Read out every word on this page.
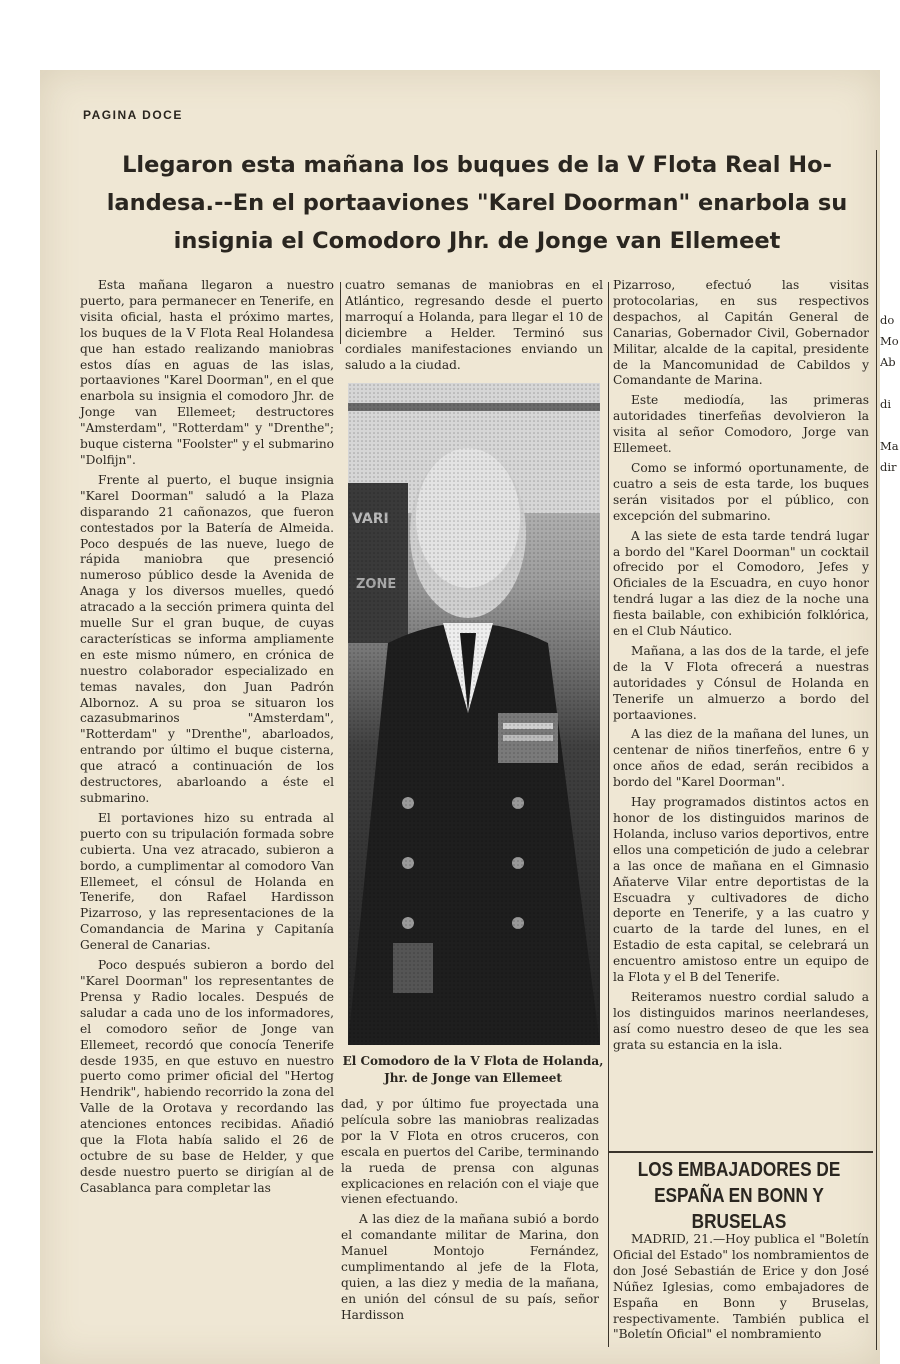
PAGINA DOCE
Llegaron esta mañana los buques de la V Flota Real Ho-landesa.--En el portaaviones "Karel Doorman" enarbola su insignia el Comodoro Jhr. de Jonge van Ellemeet

Esta mañana llegaron a nuestro puerto, para permanecer en Tenerife, en visita oficial, hasta el próximo martes, los buques de la V Flota Real Holandesa que han estado realizando maniobras estos días en aguas de las islas, portaaviones "Karel Doorman", en el que enarbola su insignia el comodoro Jhr. de Jonge van Ellemeet; destructores "Amsterdam", "Rotterdam" y "Drenthe"; buque cisterna "Foolster" y el submarino "Dolfijn".

Frente al puerto, el buque insignia "Karel Doorman" saludó a la Plaza disparando 21 cañonazos, que fueron contestados por la Batería de Almeida. Poco después de las nueve, luego de rápida maniobra que presenció numeroso público desde la Avenida de Anaga y los diversos muelles, quedó atracado a la sección primera quinta del muelle Sur el gran buque, de cuyas características se informa ampliamente en este mismo número, en crónica de nuestro colaborador especializado en temas navales, don Juan Padrón Albornoz. A su proa se situaron los cazasubmarinos "Amsterdam", "Rotterdam" y "Drenthe", abarloados, entrando por último el buque cisterna, que atracó a continuación de los destructores, abarloando a éste el submarino.

El portaviones hizo su entrada al puerto con su tripulación formada sobre cubierta. Una vez atracado, subieron a bordo, a cumplimentar al comodoro Van Ellemeet, el cónsul de Holanda en Tenerife, don Rafael Hardisson Pizarroso, y las representaciones de la Comandancia de Marina y Capitanía General de Canarias.

Poco después subieron a bordo del "Karel Doorman" los representantes de Prensa y Radio locales. Después de saludar a cada uno de los informadores, el comodoro señor de Jonge van Ellemeet, recordó que conocía Tenerife desde 1935, en que estuvo en nuestro puerto como primer oficial del "Hertog Hendrik", habiendo recorrido la zona del Valle de la Orotava y recordando las atenciones entonces recibidas. Añadió que la Flota había salido el 26 de octubre de su base de Helder, y que desde nuestro puerto se dirigían al de Casablanca para completar las

cuatro semanas de maniobras en el Atlántico, regresando desde el puerto marroquí a Holanda, para llegar el 10 de diciembre a Helder. Terminó sus cordiales manifestaciones enviando un saludo a la ciudad.

El Comodoro de la V Flota de Holanda, Jhr. de Jonge van Ellemeet

dad, y por último fue proyectada una película sobre las maniobras realizadas por la V Flota en otros cruceros, con escala en puertos del Caribe, terminando la rueda de prensa con algunas explicaciones en relación con el viaje que vienen efectuando.

A las diez de la mañana subió a bordo el comandante militar de Marina, don Manuel Montojo Fernández, cumplimentando al jefe de la Flota, quien, a las diez y media de la mañana, en unión del cónsul de su país, señor Hardisson

Pizarroso, efectuó las visitas protocolarias, en sus respectivos despachos, al Capitán General de Canarias, Gobernador Civil, Gobernador Militar, alcalde de la capital, presidente de la Mancomunidad de Cabildos y Comandante de Marina.

Este mediodía, las primeras autoridades tinerfeñas devolvieron la visita al señor Comodoro, Jorge van Ellemeet.

Como se informó oportunamente, de cuatro a seis de esta tarde, los buques serán visitados por el público, con excepción del submarino.

A las siete de esta tarde tendrá lugar a bordo del "Karel Doorman" un cocktail ofrecido por el Comodoro, Jefes y Oficiales de la Escuadra, en cuyo honor tendrá lugar a las diez de la noche una fiesta bailable, con exhibición folklórica, en el Club Náutico.

Mañana, a las dos de la tarde, el jefe de la V Flota ofrecerá a nuestras autoridades y Cónsul de Holanda en Tenerife un almuerzo a bordo del portaaviones.

A las diez de la mañana del lunes, un centenar de niños tinerfeños, entre 6 y once años de edad, serán recibidos a bordo del "Karel Doorman".

Hay programados distintos actos en honor de los distinguidos marinos de Holanda, incluso varios deportivos, entre ellos una competición de judo a celebrar a las once de mañana en el Gimnasio Añaterve Vilar entre deportistas de la Escuadra y cultivadores de dicho deporte en Tenerife, y a las cuatro y cuarto de la tarde del lunes, en el Estadio de esta capital, se celebrará un encuentro amistoso entre un equipo de la Flota y el B del Tenerife.

Reiteramos nuestro cordial saludo a los distinguidos marinos neerlandeses, así como nuestro deseo de que les sea grata su estancia en la isla.

LOS EMBAJADORES DE ESPAÑA EN BONN Y BRUSELAS

MADRID, 21.—Hoy publica el "Boletín Oficial del Estado" los nombramientos de don José Sebastián de Erice y don José Núñez Iglesias, como embajadores de España en Bonn y Bruselas, respectivamente. También publica el "Boletín Oficial" el nombramiento

do
Mo
Ab

di

Ma
dir
